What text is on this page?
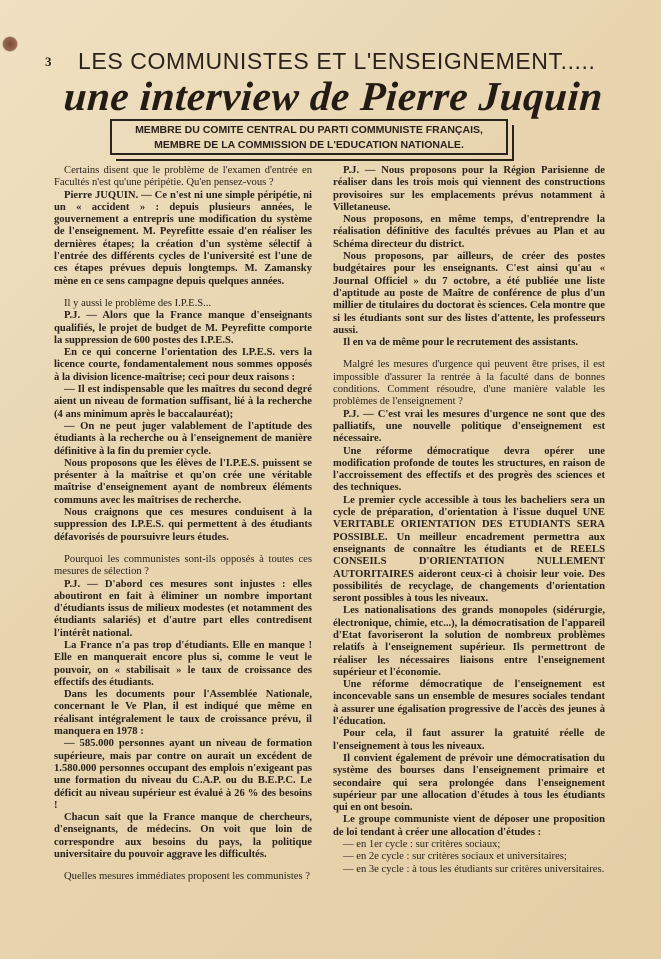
3 LES COMMUNISTES ET L'ENSEIGNEMENT.....
une interview de Pierre Juquin
MEMBRE DU COMITE CENTRAL DU PARTI COMMUNISTE FRANÇAIS,
MEMBRE DE LA COMMISSION DE L'EDUCATION NATIONALE.

Certains disent que le problème de l'examen d'entrée en Facultés n'est qu'une péripétie. Qu'en pensez-vous ?

Pierre JUQUIN. — Ce n'est ni une simple péripétie, ni un « accident » : depuis plusieurs années, le gouvernement a entrepris une modification du système de l'enseignement. M. Peyrefitte essaie d'en réaliser les dernières étapes; la création d'un système sélectif à l'entrée des différents cycles de l'université est l'une de ces étapes prévues depuis longtemps. M. Zamansky mène en ce sens campagne depuis quelques années.

Il y aussi le problème des I.P.E.S...

P.J. — Alors que la France manque d'enseignants qualifiés, le projet de budget de M. Peyrefitte comporte la suppression de 600 postes des I.P.E.S.

En ce qui concerne l'orientation des I.P.E.S. vers la licence courte, fondamentalement nous sommes opposés à la division licence-maîtrise; ceci pour deux raisons :

— Il est indispensable que les maîtres du second degré aient un niveau de formation suffisant, lié à la recherche (4 ans minimum après le baccalauréat);

— On ne peut juger valablement de l'aptitude des étudiants à la recherche ou à l'enseignement de manière définitive à la fin du premier cycle.

Nous proposons que les élèves de l'I.P.E.S. puissent se présenter à la maîtrise et qu'on crée une véritable maîtrise d'enseignement ayant de nombreux éléments communs avec les maîtrises de recherche.

Nous craignons que ces mesures conduisent à la suppression des I.P.E.S. qui permettent à des étudiants défavorisés de poursuivre leurs études.

Pourquoi les communistes sont-ils opposés à toutes ces mesures de sélection ?

P.J. — D'abord ces mesures sont injustes : elles aboutiront en fait à éliminer un nombre important d'étudiants issus de milieux modestes (et notamment des étudiants salariés) et d'autre part elles contredisent l'intérêt national.

La France n'a pas trop d'étudiants. Elle en manque ! Elle en manquerait encore plus si, comme le veut le pouvoir, on « stabilisait » le taux de croissance des effectifs des étudiants.

Dans les documents pour l'Assemblée Nationale, concernant le Ve Plan, il est indiqué que même en réalisant intégralement le taux de croissance prévu, il manquera en 1978 :

— 585.000 personnes ayant un niveau de formation supérieure, mais par contre on aurait un excédent de 1.580.000 personnes occupant des emplois n'exigeant pas une formation du niveau du C.A.P. ou du B.E.P.C. Le déficit au niveau supérieur est évalué à 26 % des besoins !

Chacun sait que la France manque de chercheurs, d'enseignants, de médecins. On voit que loin de correspondre aux besoins du pays, la politique universitaire du pouvoir aggrave les difficultés.

Quelles mesures immédiates proposent les communistes ?

P.J. — Nous proposons pour la Région Parisienne de réaliser dans les trois mois qui viennent des constructions provisoires sur les emplacements prévus notamment à Villetaneuse.

Nous proposons, en même temps, d'entreprendre la réalisation définitive des facultés prévues au Plan et au Schéma directeur du district.

Nous proposons, par ailleurs, de créer des postes budgétaires pour les enseignants. C'est ainsi qu'au « Journal Officiel » du 7 octobre, a été publiée une liste d'aptitude au poste de Maître de conférence de plus d'un millier de titulaires du doctorat ès sciences. Cela montre que si les étudiants sont sur des listes d'attente, les professeurs aussi.

Il en va de même pour le recrutement des assistants.

Malgré les mesures d'urgence qui peuvent être prises, il est impossible d'assurer la rentrée à la faculté dans de bonnes conditions. Comment résoudre, d'une manière valable les problèmes de l'enseignement ?

P.J. — C'est vrai les mesures d'urgence ne sont que des palliatifs, une nouvelle politique d'enseignement est nécessaire.

Une réforme démocratique devra opérer une modification profonde de toutes les structures, en raison de l'accroissement des effectifs et des progrès des sciences et des techniques.

Le premier cycle accessible à tous les bacheliers sera un cycle de préparation, d'orientation à l'issue duquel UNE VERITABLE ORIENTATION DES ETUDIANTS SERA POSSIBLE. Un meilleur encadrement permettra aux enseignants de connaître les étudiants et de REELS CONSEILS D'ORIENTATION NULLEMENT AUTORITAIRES aideront ceux-ci à choisir leur voie. Des possibilités de recyclage, de changements d'orientation seront possibles à tous les niveaux.

Les nationalisations des grands monopoles (sidérurgie, électronique, chimie, etc...), la démocratisation de l'appareil d'Etat favoriseront la solution de nombreux problèmes relatifs à l'enseignement supérieur. Ils permettront de réaliser les nécessaires liaisons entre l'enseignement supérieur et l'économie.

Une réforme démocratique de l'enseignement est inconcevable sans un ensemble de mesures sociales tendant à assurer une égalisation progressive de l'accès des jeunes à l'éducation.

Pour cela, il faut assurer la gratuité réelle de l'enseignement à tous les niveaux.

Il convient également de prévoir une démocratisation du système des bourses dans l'enseignement primaire et secondaire qui sera prolongée dans l'enseignement supérieur par une allocation d'études à tous les étudiants qui en ont besoin.

Le groupe communiste vient de déposer une proposition de loi tendant à créer une allocation d'études :

— en 1er cycle : sur critères sociaux;

— en 2e cycle : sur critères sociaux et universitaires;

— en 3e cycle : à tous les étudiants sur critères universitaires.
